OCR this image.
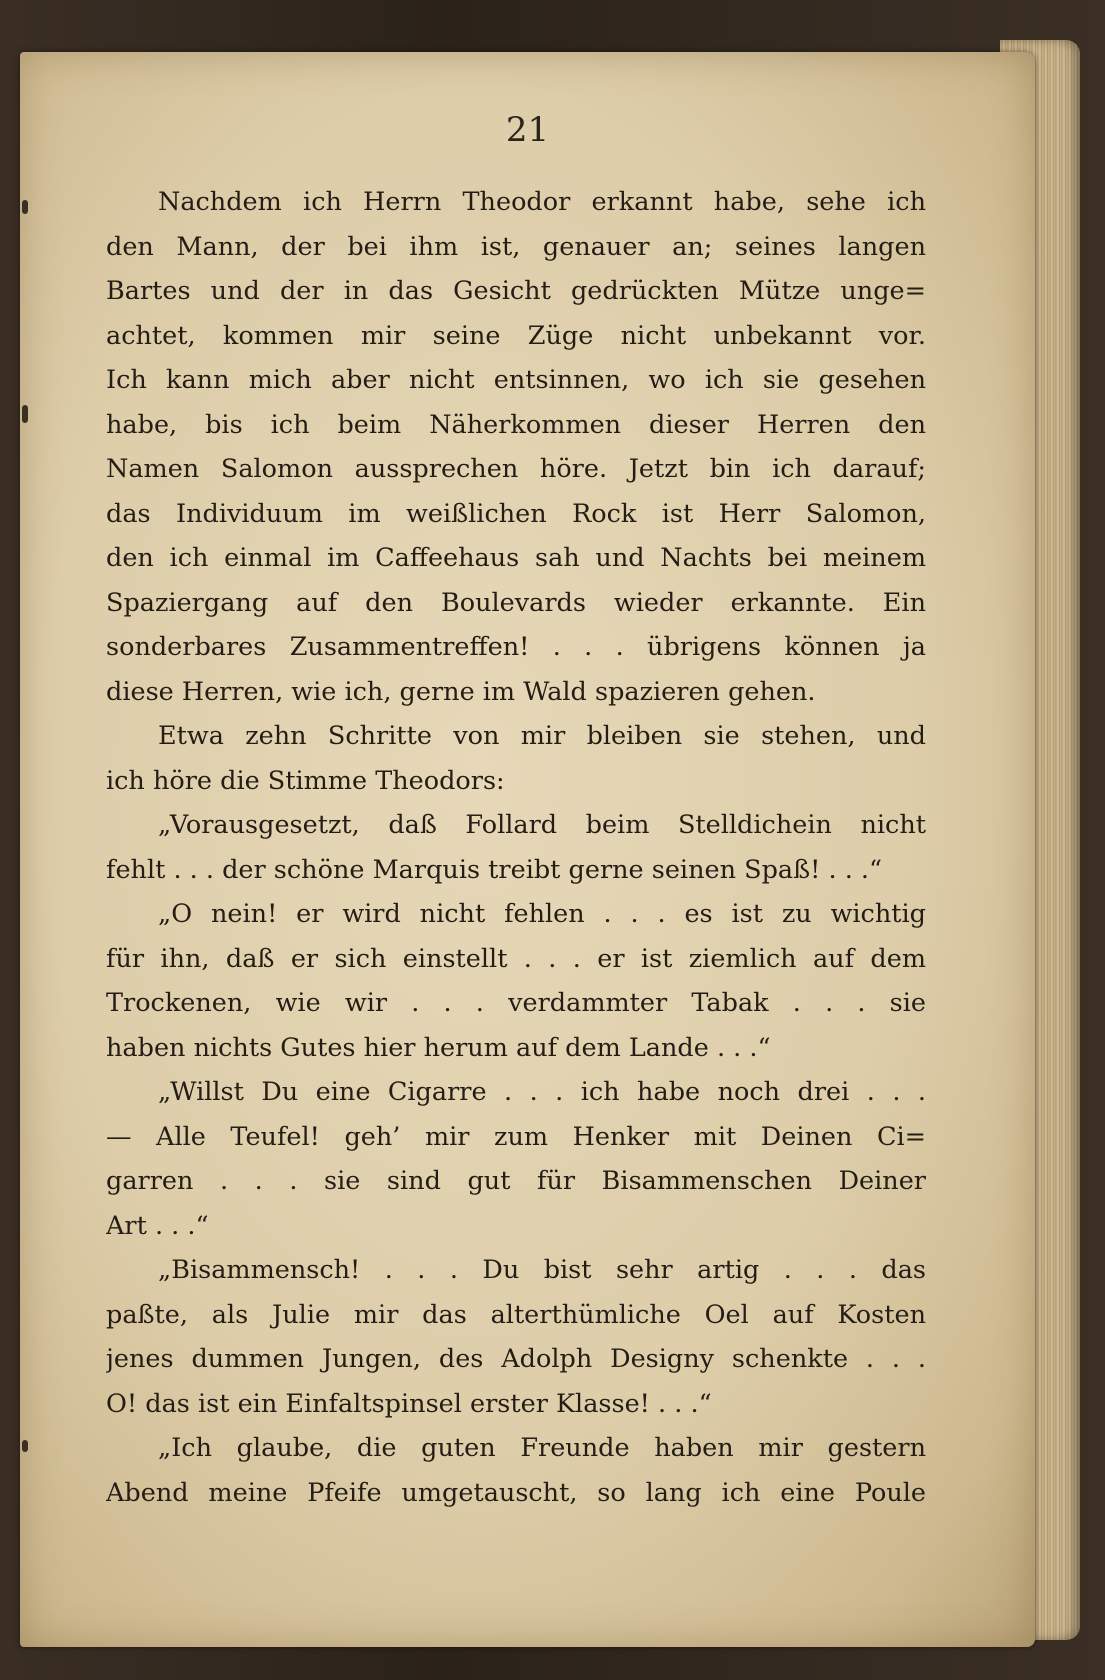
21
Nachdem ich Herrn Theodor erkannt habe, sehe ich
den Mann, der bei ihm ist, genauer an; seines langen
Bartes und der in das Gesicht gedrückten Mütze unge=
achtet, kommen mir seine Züge nicht unbekannt vor.
Ich kann mich aber nicht entsinnen, wo ich sie gesehen
habe, bis ich beim Näherkommen dieser Herren den
Namen Salomon aussprechen höre. Jetzt bin ich darauf;
das Individuum im weißlichen Rock ist Herr Salomon,
den ich einmal im Caffeehaus sah und Nachts bei meinem
Spaziergang auf den Boulevards wieder erkannte. Ein
sonderbares Zusammentreffen! . . . übrigens können ja
diese Herren, wie ich, gerne im Wald spazieren gehen.
Etwa zehn Schritte von mir bleiben sie stehen, und
ich höre die Stimme Theodors:
„Vorausgesetzt, daß Follard beim Stelldichein nicht
fehlt . . . der schöne Marquis treibt gerne seinen Spaß! . . .“
„O nein! er wird nicht fehlen . . . es ist zu wichtig
für ihn, daß er sich einstellt . . . er ist ziemlich auf dem
Trockenen, wie wir . . . verdammter Tabak . . . sie
haben nichts Gutes hier herum auf dem Lande . . .“
„Willst Du eine Cigarre . . . ich habe noch drei . . .
— Alle Teufel! geh’ mir zum Henker mit Deinen Ci=
garren . . . sie sind gut für Bisammenschen Deiner
Art . . .“
„Bisammensch! . . . Du bist sehr artig . . . das
paßte, als Julie mir das alterthümliche Oel auf Kosten
jenes dummen Jungen, des Adolph Designy schenkte . . .
O! das ist ein Einfaltspinsel erster Klasse! . . .“
„Ich glaube, die guten Freunde haben mir gestern
Abend meine Pfeife umgetauscht, so lang ich eine Poule
